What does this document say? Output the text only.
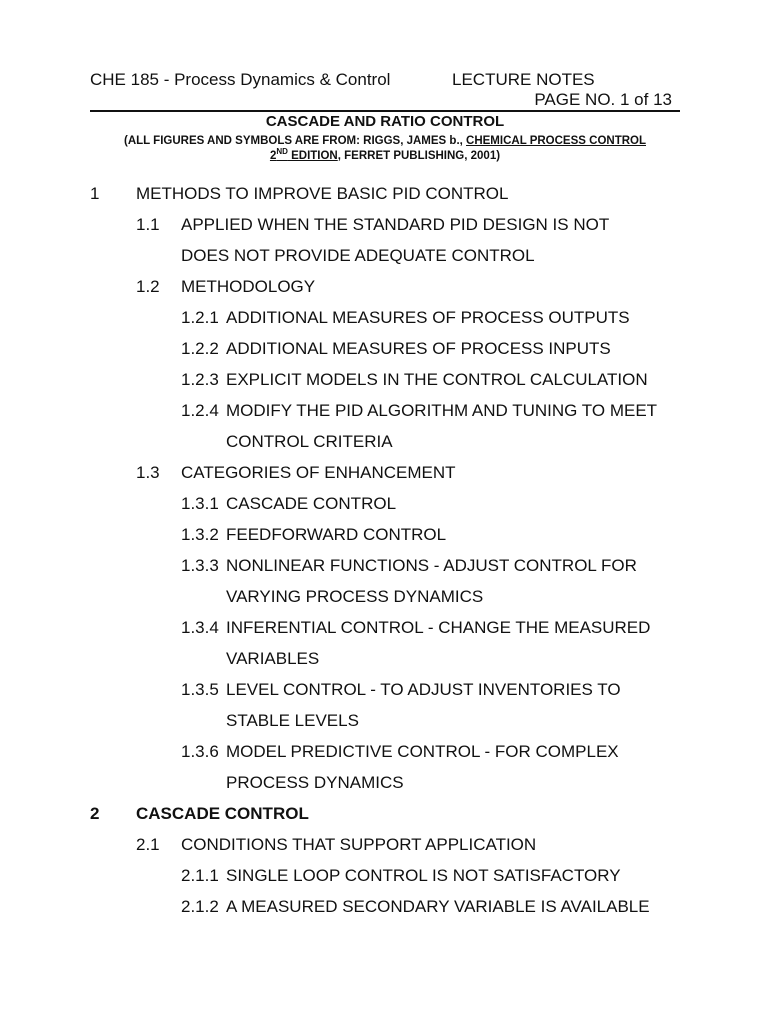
CHE 185 - Process Dynamics & Control	LECTURE NOTES
PAGE NO. 1 of 13
CASCADE AND RATIO CONTROL
(ALL FIGURES AND SYMBOLS ARE FROM: RIGGS, JAMES b., CHEMICAL PROCESS CONTROL
2ND EDITION, FERRET PUBLISHING, 2001)
1 METHODS TO IMPROVE BASIC PID CONTROL
1.1 APPLIED WHEN THE STANDARD PID DESIGN IS NOT
DOES NOT PROVIDE ADEQUATE CONTROL
1.2 METHODOLOGY
1.2.1 ADDITIONAL MEASURES OF PROCESS OUTPUTS
1.2.2 ADDITIONAL MEASURES OF PROCESS INPUTS
1.2.3 EXPLICIT MODELS IN THE CONTROL CALCULATION
1.2.4 MODIFY THE PID ALGORITHM AND TUNING TO MEET
CONTROL CRITERIA
1.3 CATEGORIES OF ENHANCEMENT
1.3.1 CASCADE CONTROL
1.3.2 FEEDFORWARD CONTROL
1.3.3 NONLINEAR FUNCTIONS - ADJUST CONTROL FOR
VARYING PROCESS DYNAMICS
1.3.4 INFERENTIAL CONTROL - CHANGE THE MEASURED
VARIABLES
1.3.5 LEVEL CONTROL - TO ADJUST INVENTORIES TO
STABLE LEVELS
1.3.6 MODEL PREDICTIVE CONTROL - FOR COMPLEX
PROCESS DYNAMICS
2 CASCADE CONTROL
2.1 CONDITIONS THAT SUPPORT APPLICATION
2.1.1 SINGLE LOOP CONTROL IS NOT SATISFACTORY
2.1.2 A MEASURED SECONDARY VARIABLE IS AVAILABLE
